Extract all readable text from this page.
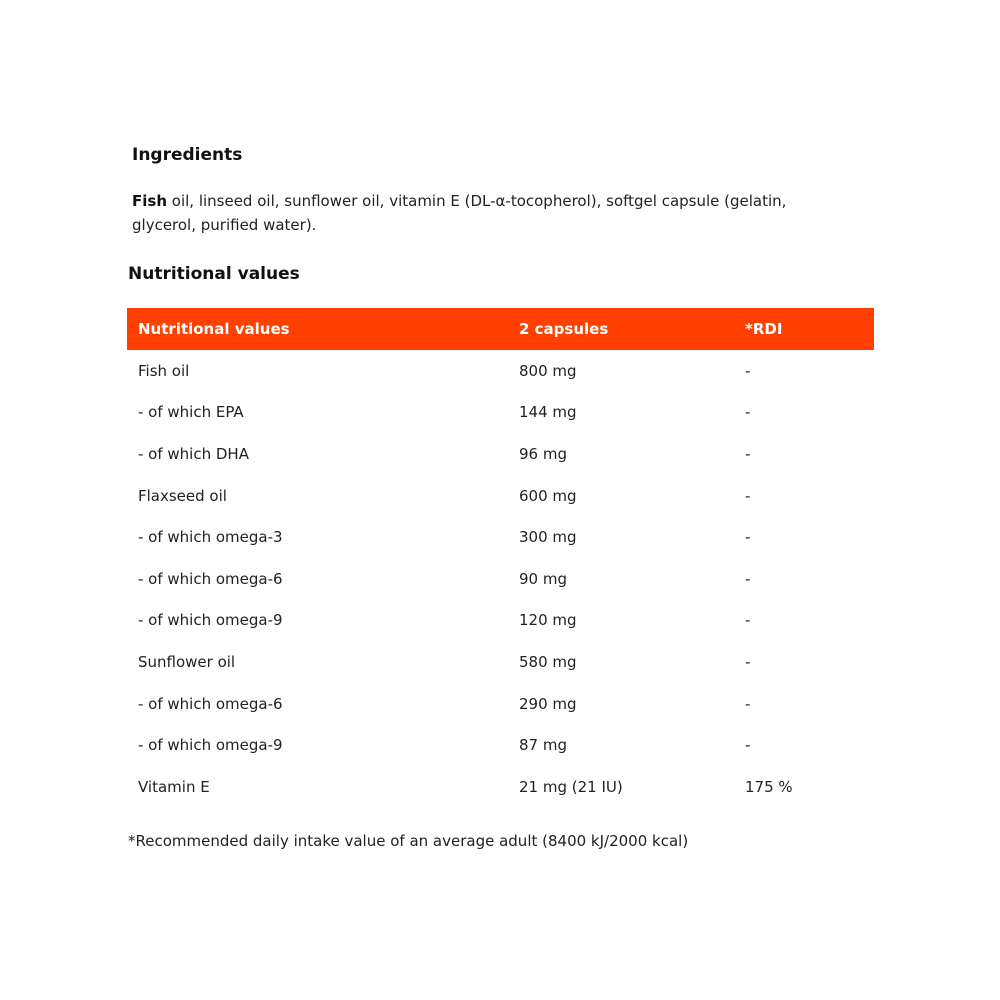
Ingredients

Fish oil, linseed oil, sunflower oil, vitamin E (DL-α-tocopherol), softgel capsule (gelatin, glycerol, purified water).

Nutritional values
Nutritional values	2 capsules	*RDI
Fish oil	800 mg	-
- of which EPA	144 mg	-
- of which DHA	96 mg	-
Flaxseed oil	600 mg	-
- of which omega-3	300 mg	-
- of which omega-6	90 mg	-
- of which omega-9	120 mg	-
Sunflower oil	580 mg	-
- of which omega-6	290 mg	-
- of which omega-9	87 mg	-
Vitamin E	21 mg (21 IU)	175 %

*Recommended daily intake value of an average adult (8400 kJ/2000 kcal)
